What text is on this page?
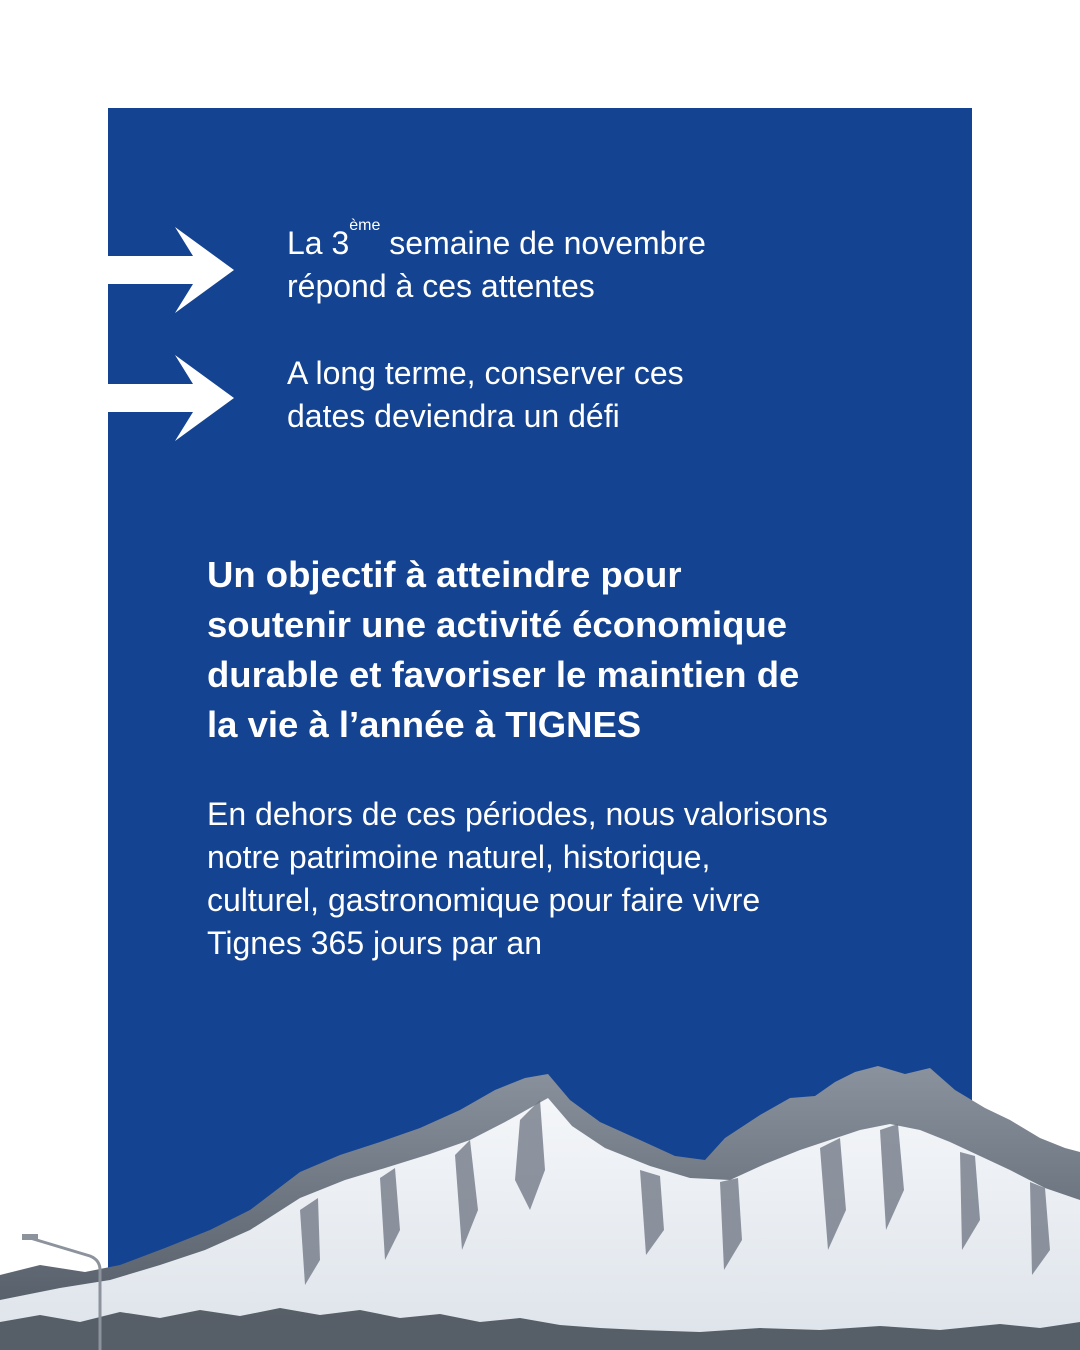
La 3ème semaine de novembre
répond à ces attentes
A long terme, conserver ces
dates deviendra un défi
Un objectif à atteindre pour
soutenir une activité économique
durable et favoriser le maintien de
la vie à l’année à TIGNES

En dehors de ces périodes, nous valorisons
notre patrimoine naturel, historique,
culturel, gastronomique pour faire vivre
Tignes 365 jours par an
